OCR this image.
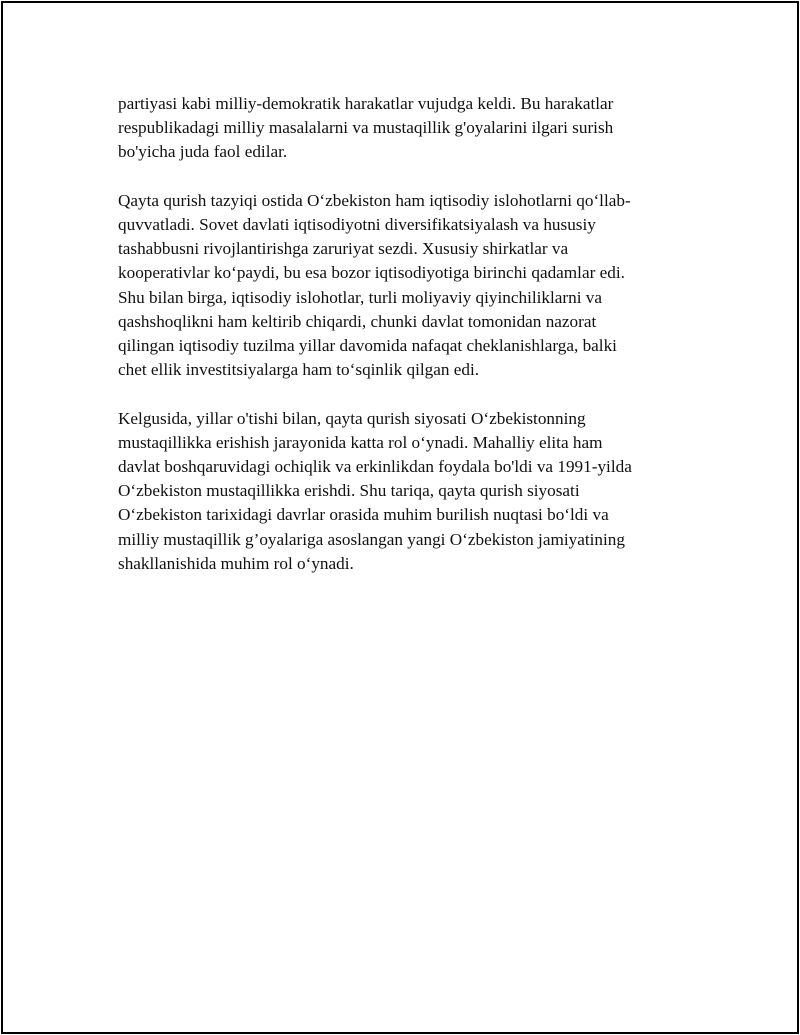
partiyasi kabi milliy-demokratik harakatlar vujudga keldi. Bu harakatlar
respublikadagi milliy masalalarni va mustaqillik g'oyalarini ilgari surish
bo'yicha juda faol edilar.

Qayta qurish tazyiqi ostida O‘zbekiston ham iqtisodiy islohotlarni qo‘llab-
quvvatladi. Sovet davlati iqtisodiyotni diversifikatsiyalash va hususiy
tashabbusni rivojlantirishga zaruriyat sezdi. Xususiy shirkatlar va
kooperativlar ko‘paydi, bu esa bozor iqtisodiyotiga birinchi qadamlar edi.
Shu bilan birga, iqtisodiy islohotlar, turli moliyaviy qiyinchiliklarni va
qashshoqlikni ham keltirib chiqardi, chunki davlat tomonidan nazorat
qilingan iqtisodiy tuzilma yillar davomida nafaqat cheklanishlarga, balki
chet ellik investitsiyalarga ham to‘sqinlik qilgan edi.

Kelgusida, yillar o'tishi bilan, qayta qurish siyosati O‘zbekistonning
mustaqillikka erishish jarayonida katta rol o‘ynadi. Mahalliy elita ham
davlat boshqaruvidagi ochiqlik va erkinlikdan foydala bo'ldi va 1991-yilda
O‘zbekiston mustaqillikka erishdi. Shu tariqa, qayta qurish siyosati
O‘zbekiston tarixidagi davrlar orasida muhim burilish nuqtasi bo‘ldi va
milliy mustaqillik g’oyalariga asoslangan yangi O‘zbekiston jamiyatining
shakllanishida muhim rol o‘ynadi.
